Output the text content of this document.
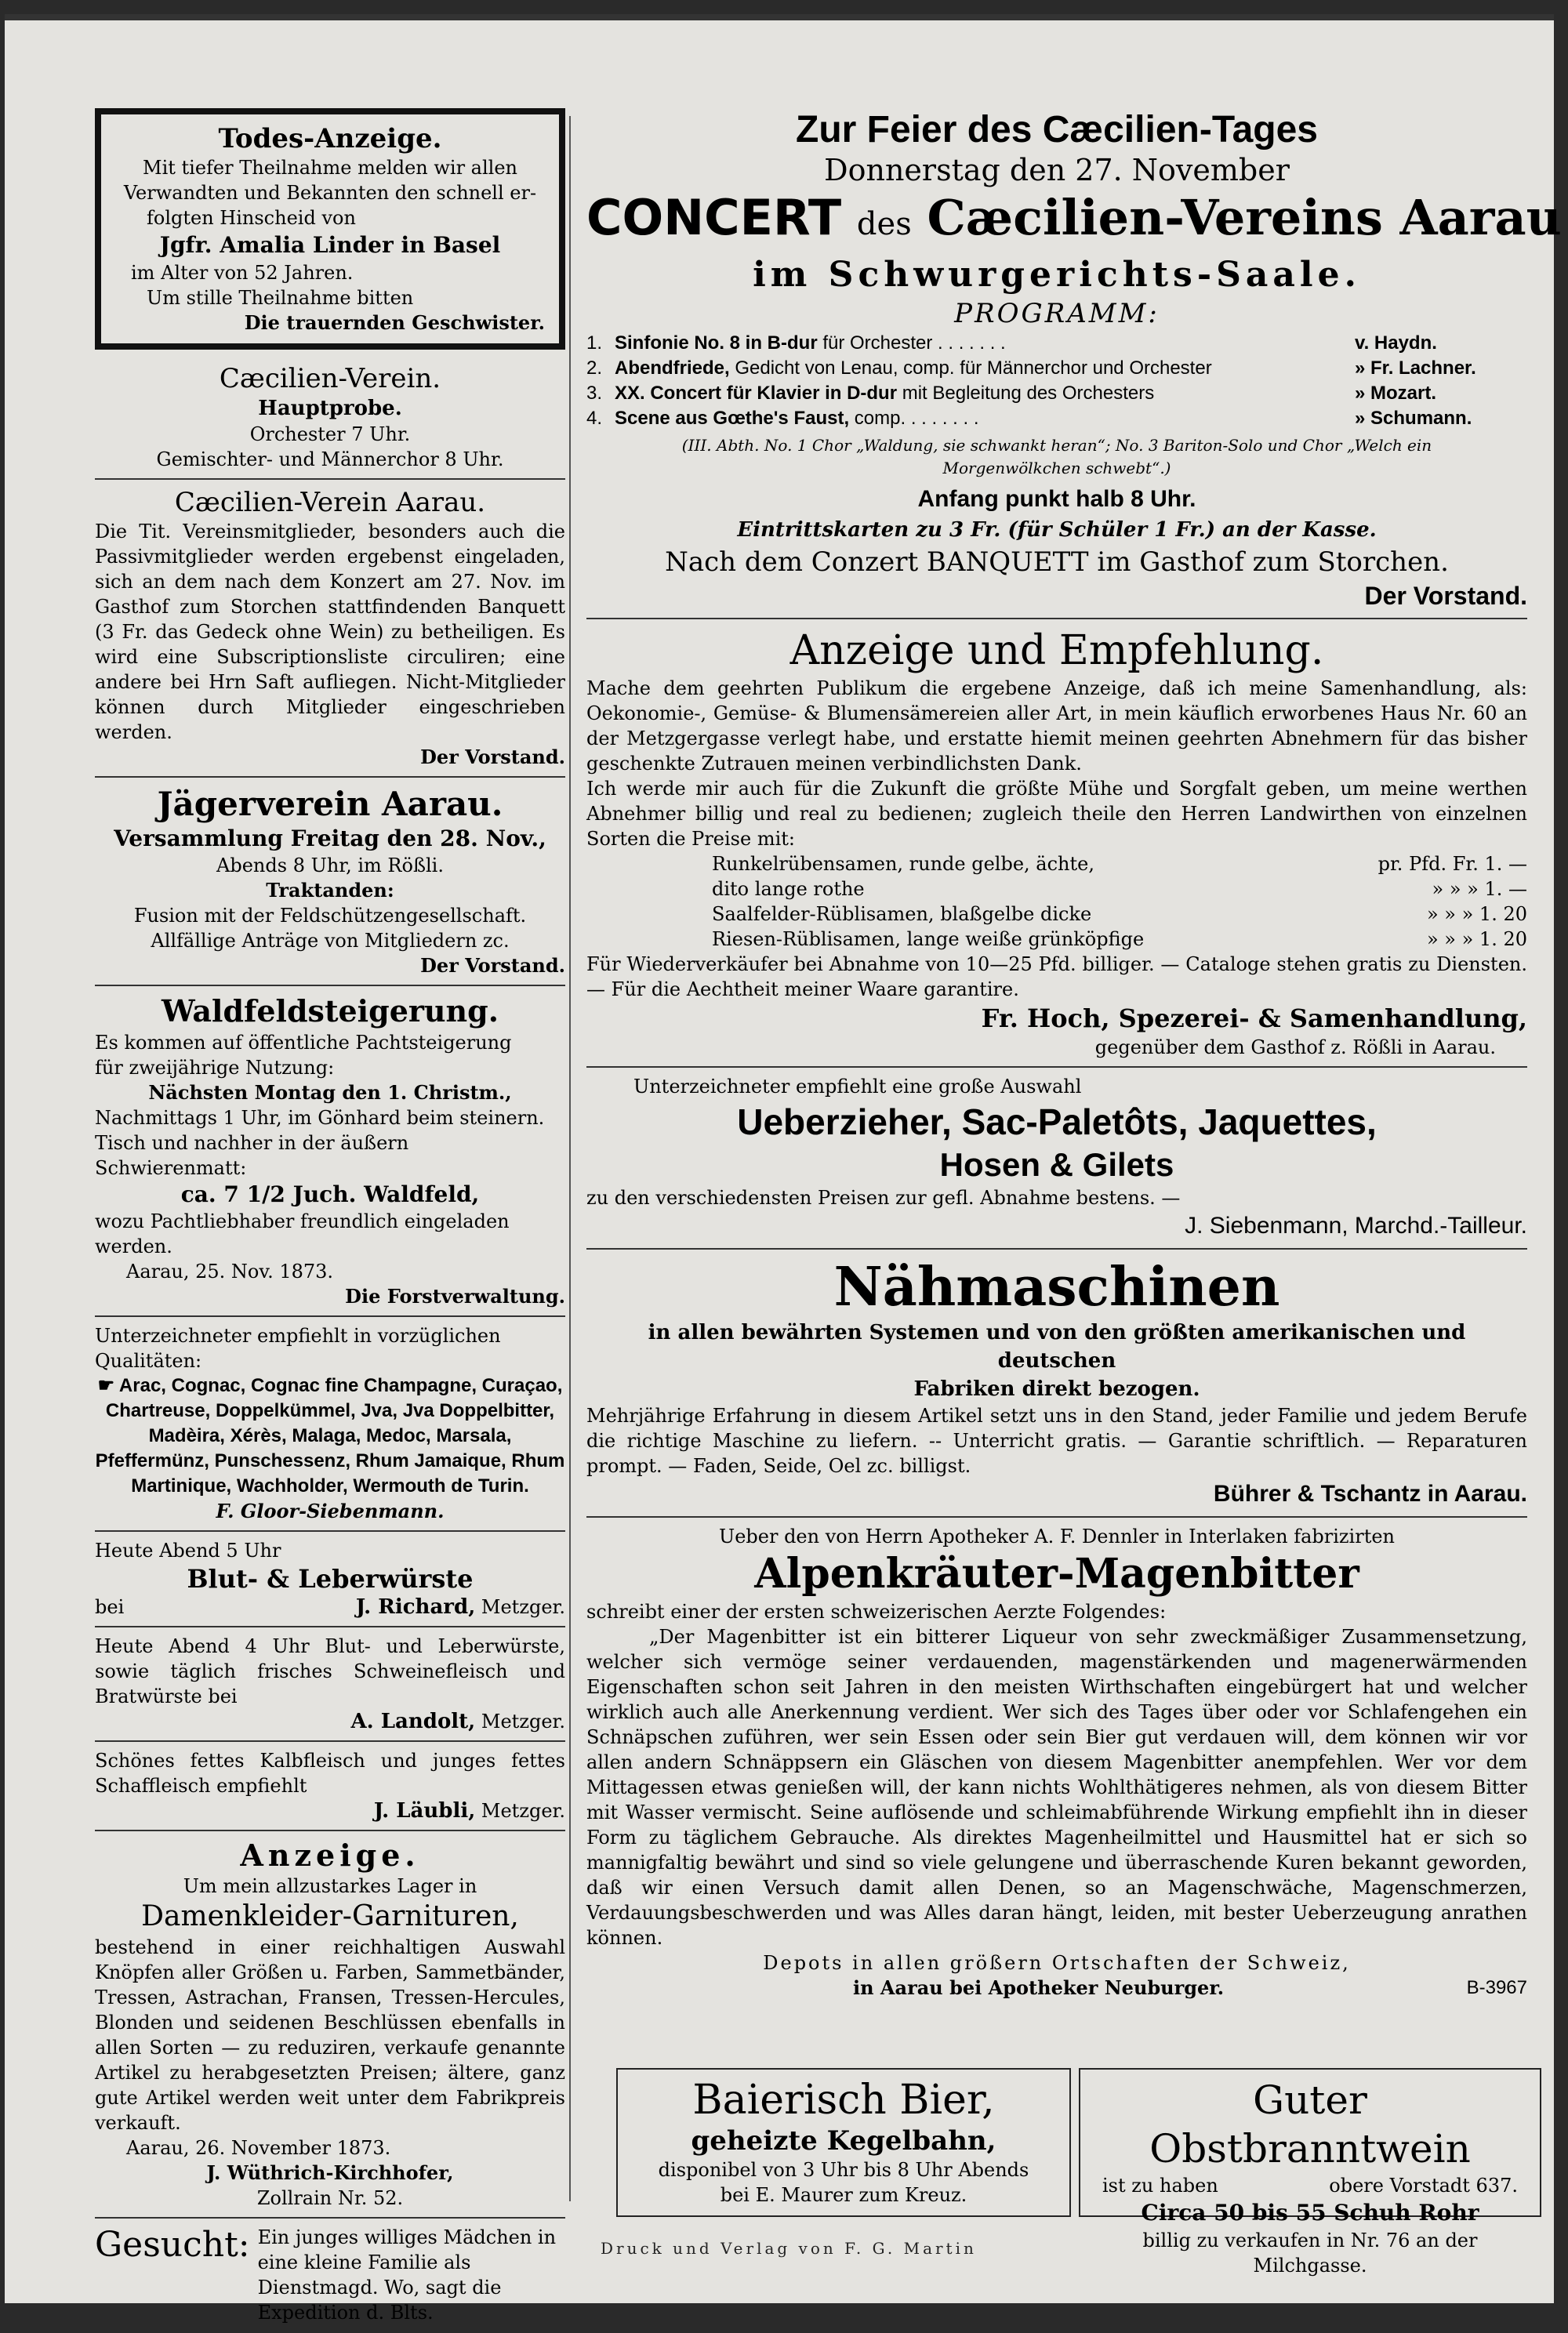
Todes-Anzeige.

Mit tiefer Theilnahme melden wir allen

Verwandten und Bekannten den schnell er-

folgten Hinscheid von

Jgfr. Amalia Linder in Basel

im Alter von 52 Jahren.

Um stille Theilnahme bitten

Die trauernden Geschwister.

Cæcilien-Verein.

Hauptprobe.

Orchester 7 Uhr.

Gemischter- und Männerchor 8 Uhr.

Cæcilien-Verein Aarau.

Die Tit. Vereinsmitglieder, besonders auch die Passivmitglieder werden ergebenst eingeladen, sich an dem nach dem Konzert am 27. Nov. im Gasthof zum Storchen stattfindenden Banquett (3 Fr. das Gedeck ohne Wein) zu betheiligen. Es wird eine Subscriptionsliste circuliren; eine andere bei Hrn Saft aufliegen. Nicht-Mitglieder können durch Mitglieder eingeschrieben werden.

Der Vorstand.

Jägerverein Aarau.

Versammlung Freitag den 28. Nov.,

Abends 8 Uhr, im Rößli.

Traktanden:

Fusion mit der Feldschützengesellschaft.

Allfällige Anträge von Mitgliedern zc.

Der Vorstand.

Waldfeldsteigerung.

Es kommen auf öffentliche Pachtsteigerung

für zweijährige Nutzung:

Nächsten Montag den 1. Christm.,

Nachmittags 1 Uhr, im Gönhard beim steinern.

Tisch und nachher in der äußern Schwierenmatt:

ca. 7 1/2 Juch. Waldfeld,

wozu Pachtliebhaber freundlich eingeladen werden.

Aarau, 25. Nov. 1873.

Die Forstverwaltung.

Unterzeichneter empfiehlt in vorzüglichen Qualitäten:

☛ Arac, Cognac, Cognac fine Champagne, Curaçao, Chartreuse, Doppelkümmel, Jva, Jva Doppelbitter, Madèira, Xérès, Malaga, Medoc, Marsala, Pfeffermünz, Punschessenz, Rhum Jamaique, Rhum Martinique, Wachholder, Wermouth de Turin.

F. Gloor-Siebenmann.

Heute Abend 5 Uhr

Blut- & Leberwürste

bei	J. Richard, Metzger.

Heute Abend 4 Uhr Blut- und Leberwürste, sowie täglich frisches Schweinefleisch und Bratwürste bei

A. Landolt, Metzger.

Schönes fettes Kalbfleisch und junges fettes Schaffleisch empfiehlt

J. Läubli, Metzger.

Anzeige.

Um mein allzustarkes Lager in

Damenkleider-Garnituren,

bestehend in einer reichhaltigen Auswahl Knöpfen aller Größen u. Farben, Sammetbänder, Tressen, Astrachan, Fransen, Tressen-Hercules, Blonden und seidenen Beschlüssen ebenfalls in allen Sorten — zu reduziren, verkaufe genannte Artikel zu herabgesetzten Preisen; ältere, ganz gute Artikel werden weit unter dem Fabrikpreis verkauft.

Aarau, 26. November 1873.

J. Wüthrich-Kirchhofer,

Zollrain Nr. 52.

Gesucht: Ein junges williges Mädchen in eine kleine Familie als Dienstmagd. Wo, sagt die Expedition d. Blts.

Zur Feier des Cæcilien-Tages

Donnerstag den 27. November

CONCERT des Cæcilien-Vereins Aarau

im Schwurgerichts-Saale.

PROGRAMM:

1. Sinfonie No. 8 in B-dur für Orchester . . . . . . .	v. Haydn.
2. Abendfriede, Gedicht von Lenau, comp. für Männerchor und Orchester	» Fr. Lachner.
3. XX. Concert für Klavier in D-dur mit Begleitung des Orchesters	» Mozart.
4. Scene aus Gœthe's Faust, comp. . . . . . . .	» Schumann.

(III. Abth. No. 1 Chor „Waldung, sie schwankt heran“; No. 3 Bariton-Solo und Chor „Welch ein Morgenwölkchen schwebt“.)

Anfang punkt halb 8 Uhr.

Eintrittskarten zu 3 Fr. (für Schüler 1 Fr.) an der Kasse.

Nach dem Conzert BANQUETT im Gasthof zum Storchen.

Der Vorstand.

Anzeige und Empfehlung.

Mache dem geehrten Publikum die ergebene Anzeige, daß ich meine Samenhandlung, als: Oekonomie-, Gemüse- & Blumensämereien aller Art, in mein käuflich erworbenes Haus Nr. 60 an der Metzgergasse verlegt habe, und erstatte hiemit meinen geehrten Abnehmern für das bisher geschenkte Zutrauen meinen verbindlichsten Dank.

Ich werde mir auch für die Zukunft die größte Mühe und Sorgfalt geben, um meine werthen Abnehmer billig und real zu bedienen; zugleich theile den Herren Landwirthen von einzelnen Sorten die Preise mit:

Runkelrübensamen, runde gelbe, ächte,	pr. Pfd. Fr. 1. —

dito lange rothe	» » » 1. —

Saalfelder-Rüblisamen, blaßgelbe dicke	» » » 1. 20

Riesen-Rüblisamen, lange weiße grünköpfige	» » » 1. 20

Für Wiederverkäufer bei Abnahme von 10—25 Pfd. billiger. — Cataloge stehen gratis zu Diensten. — Für die Aechtheit meiner Waare garantire.

Fr. Hoch, Spezerei- & Samenhandlung,

gegenüber dem Gasthof z. Rößli in Aarau.

Unterzeichneter empfiehlt eine große Auswahl

Ueberzieher, Sac-Paletôts, Jaquettes,

Hosen & Gilets

zu den verschiedensten Preisen zur gefl. Abnahme bestens. —

J. Siebenmann, Marchd.-Tailleur.

Nähmaschinen

in allen bewährten Systemen und von den größten amerikanischen und deutschen

Fabriken direkt bezogen.

Mehrjährige Erfahrung in diesem Artikel setzt uns in den Stand, jeder Familie und jedem Berufe die richtige Maschine zu liefern. -- Unterricht gratis. — Garantie schriftlich. — Reparaturen prompt. — Faden, Seide, Oel zc. billigst.

Bührer & Tschantz in Aarau.

Ueber den von Herrn Apotheker A. F. Dennler in Interlaken fabrizirten

Alpenkräuter-Magenbitter

schreibt einer der ersten schweizerischen Aerzte Folgendes:

„Der Magenbitter ist ein bitterer Liqueur von sehr zweckmäßiger Zusammensetzung, welcher sich vermöge seiner verdauenden, magenstärkenden und magenerwärmenden Eigenschaften schon seit Jahren in den meisten Wirthschaften eingebürgert hat und welcher wirklich auch alle Anerkennung verdient. Wer sich des Tages über oder vor Schlafengehen ein Schnäpschen zuführen, wer sein Essen oder sein Bier gut verdauen will, dem können wir vor allen andern Schnäppsern ein Gläschen von diesem Magenbitter anempfehlen. Wer vor dem Mittagessen etwas genießen will, der kann nichts Wohlthätigeres nehmen, als von diesem Bitter mit Wasser vermischt. Seine auflösende und schleimabführende Wirkung empfiehlt ihn in dieser Form zu täglichem Gebrauche. Als direktes Magenheilmittel und Hausmittel hat er sich so mannigfaltig bewährt und sind so viele gelungene und überraschende Kuren bekannt geworden, daß wir einen Versuch damit allen Denen, so an Magenschwäche, Magenschmerzen, Verdauungsbeschwerden und was Alles daran hängt, leiden, mit bester Ueberzeugung anrathen können.

Depots in allen größern Ortschaften der Schweiz,

in Aarau bei Apotheker Neuburger.	B-3967

Baierisch Bier,

geheizte Kegelbahn,

disponibel von 3 Uhr bis 8 Uhr Abends

bei E. Maurer zum Kreuz.

Guter Obstbranntwein

ist zu haben	obere Vorstadt 637.

Circa 50 bis 55 Schuh Rohr

billig zu verkaufen in Nr. 76 an der Milchgasse.

Druck und Verlag von F. G. Martin
